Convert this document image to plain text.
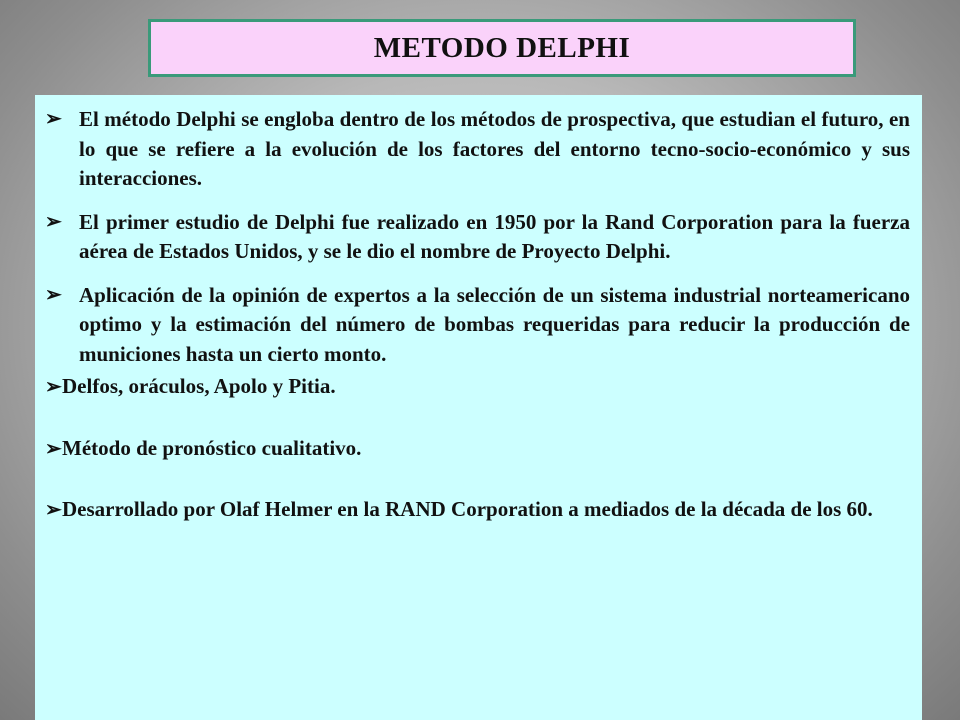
METODO DELPHI

➢ El método Delphi se engloba dentro de los métodos de prospectiva, que estudian el futuro, en lo que se refiere a la evolución de los factores del entorno tecno-socio-económico y sus interacciones.

➢ El primer estudio de Delphi fue realizado en 1950 por la Rand Corporation para la fuerza aérea de Estados Unidos, y se le dio el nombre de Proyecto Delphi.

➢ Aplicación de la opinión de expertos a la selección de un sistema industrial norteamericano optimo y la estimación del número de bombas requeridas para reducir la producción de municiones hasta un cierto monto.

➢Delfos, oráculos, Apolo y Pitia.

➢Método de pronóstico cualitativo.

➢Desarrollado por Olaf Helmer en la RAND Corporation a mediados de la década de los 60.
